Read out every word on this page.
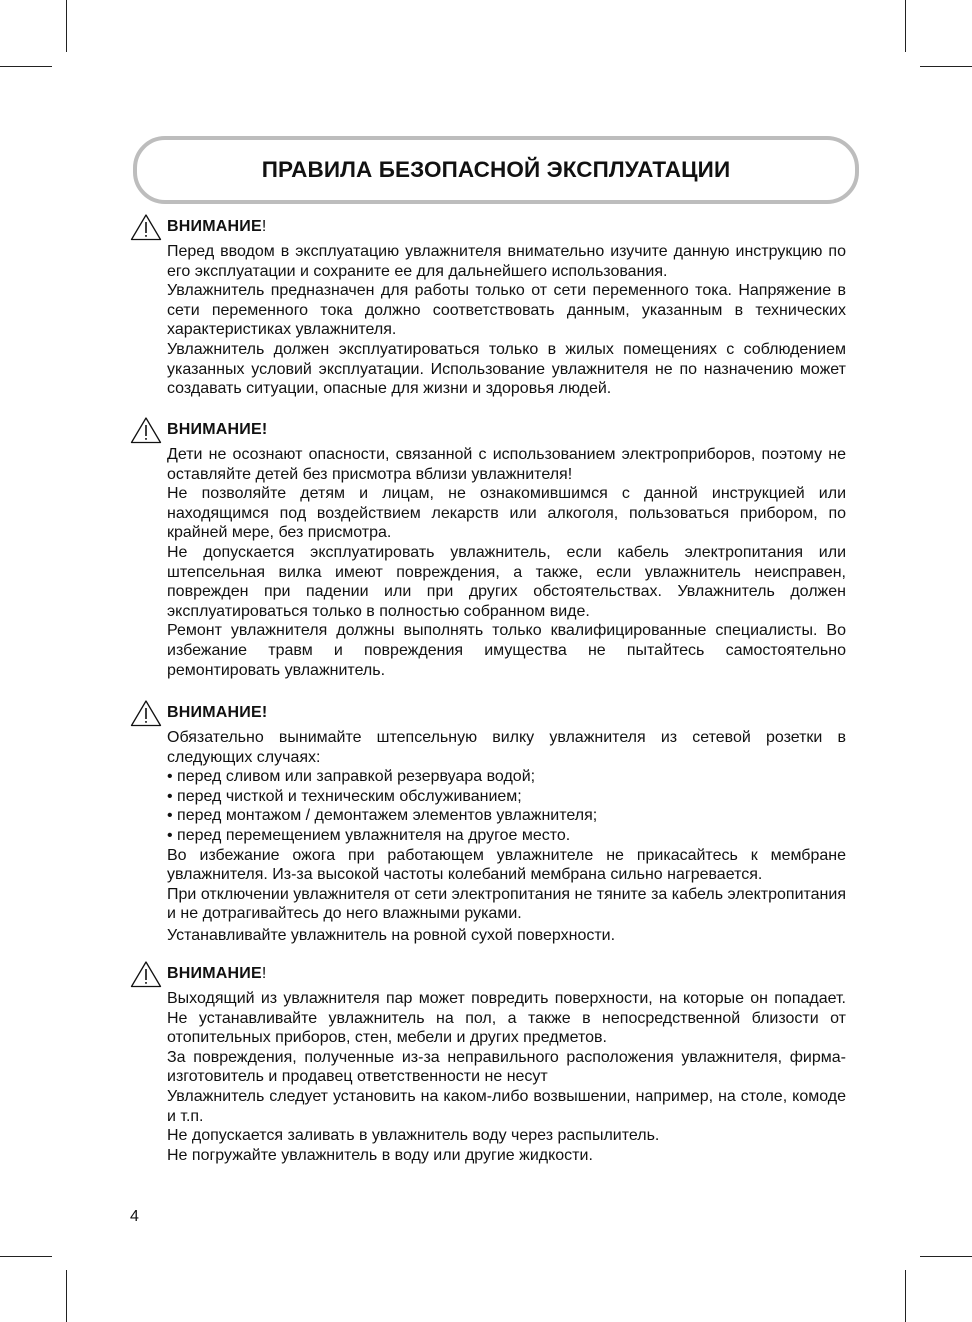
ПРАВИЛА БЕЗОПАСНОЙ ЭКСПЛУАТАЦИИ
ВНИМАНИЕ!

Перед вводом в эксплуатацию увлажнителя внимательно изучите данную инструкцию по его эксплуатации и сохраните ее для дальнейшего использования.

Увлажнитель предназначен для работы только от сети переменного тока. Напряжение в сети переменного тока должно соответствовать данным, указанным в технических характеристиках увлажнителя.

Увлажнитель должен эксплуатироваться только в жилых помещениях с соблюдением указанных условий эксплуатации. Использование увлажнителя не по назначению может создавать ситуации, опасные для жизни и здоровья людей.

ВНИМАНИЕ!

Дети не осознают опасности, связанной с использованием электроприборов, поэтому не оставляйте детей без присмотра вблизи увлажнителя!

Не позволяйте детям и лицам, не ознакомившимся с данной инструкцией или находящимся под воздействием лекарств или алкоголя, пользоваться прибором, по крайней мере, без присмотра.

Не допускается эксплуатировать увлажнитель, если кабель электропитания или штепсельная вилка имеют повреждения, а также, если увлажнитель неисправен, поврежден при падении или при других обстоятельствах. Увлажнитель должен эксплуатироваться только в полностью собранном виде.

Ремонт увлажнителя должны выполнять только квалифицированные специалисты. Во избежание травм и повреждения имущества не пытайтесь самостоятельно ремонтировать увлажнитель.

ВНИМАНИЕ!

Обязательно вынимайте штепсельную вилку увлажнителя из сетевой розетки в следующих случаях:

• перед сливом или заправкой резервуара водой;

• перед чисткой и техническим обслуживанием;

• перед монтажом / демонтажем элементов увлажнителя;

• перед перемещением увлажнителя на другое место.

Во избежание ожога при работающем увлажнителе не прикасайтесь к мембране увлажнителя. Из-за высокой частоты колебаний мембрана сильно нагревается.

При отключении увлажнителя от сети электропитания не тяните за кабель электропитания и не дотрагивайтесь до него влажными руками.

Устанавливайте увлажнитель на ровной сухой поверхности.

ВНИМАНИЕ!

Выходящий из увлажнителя пар может повредить поверхности, на которые он попадает. Не устанавливайте увлажнитель на пол, а также в непосредственной близости от отопительных приборов, стен, мебели и других предметов.

За повреждения, полученные из-за неправильного расположения увлажнителя, фирма-изготовитель и продавец ответственности не несут

Увлажнитель следует установить на каком-либо возвышении, например, на столе, комоде и т.п.

Не допускается заливать в увлажнитель воду через распылитель.

Не погружайте увлажнитель в воду или другие жидкости.

4
